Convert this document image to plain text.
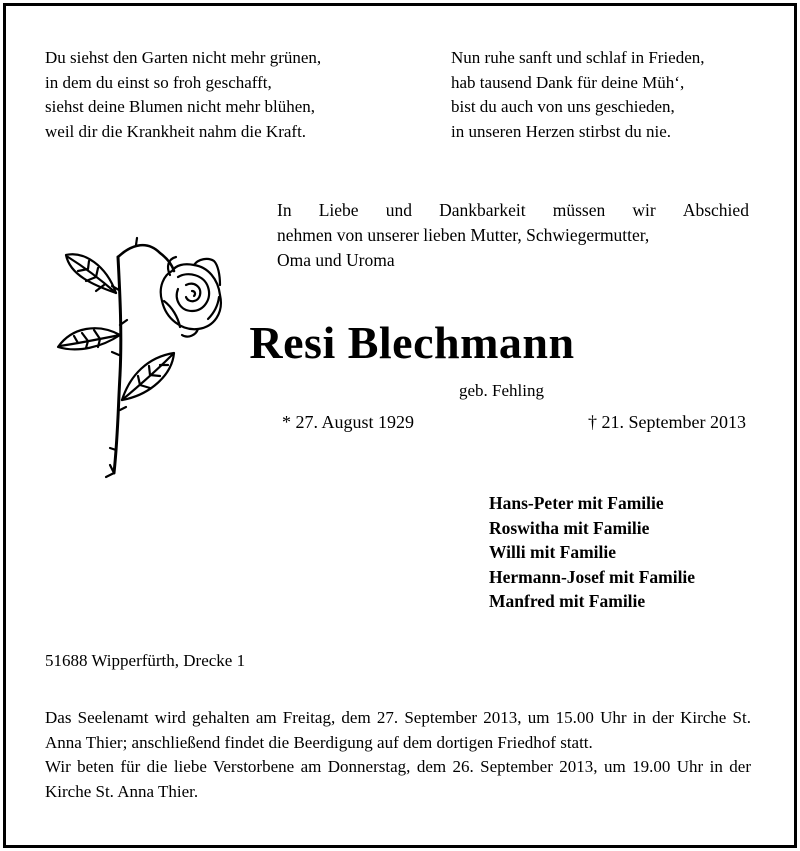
Du siehst den Garten nicht mehr grünen,
in dem du einst so froh geschafft,
siehst deine Blumen nicht mehr blühen,
weil dir die Krankheit nahm die Kraft.
Nun ruhe sanft und schlaf in Frieden,
hab tausend Dank für deine Müh‘,
bist du auch von uns geschieden,
in unseren Herzen stirbst du nie.
In Liebe und Dankbarkeit müssen wir Abschied
nehmen von unserer lieben Mutter, Schwiegermutter,
Oma und Uroma
Resi Blechmann
geb. Fehling
* 27. August 1929	† 21. September 2013
Hans-Peter mit Familie
Roswitha mit Familie
Willi mit Familie
Hermann-Josef mit Familie
Manfred mit Familie
51688 Wipperfürth, Drecke 1

Das Seelenamt wird gehalten am Freitag, dem 27. September 2013, um 15.00 Uhr in der Kirche St. Anna Thier; anschließend findet die Beerdigung auf dem dortigen Friedhof statt.

Wir beten für die liebe Verstorbene am Donnerstag, dem 26. September 2013, um 19.00 Uhr in der Kirche St. Anna Thier.
